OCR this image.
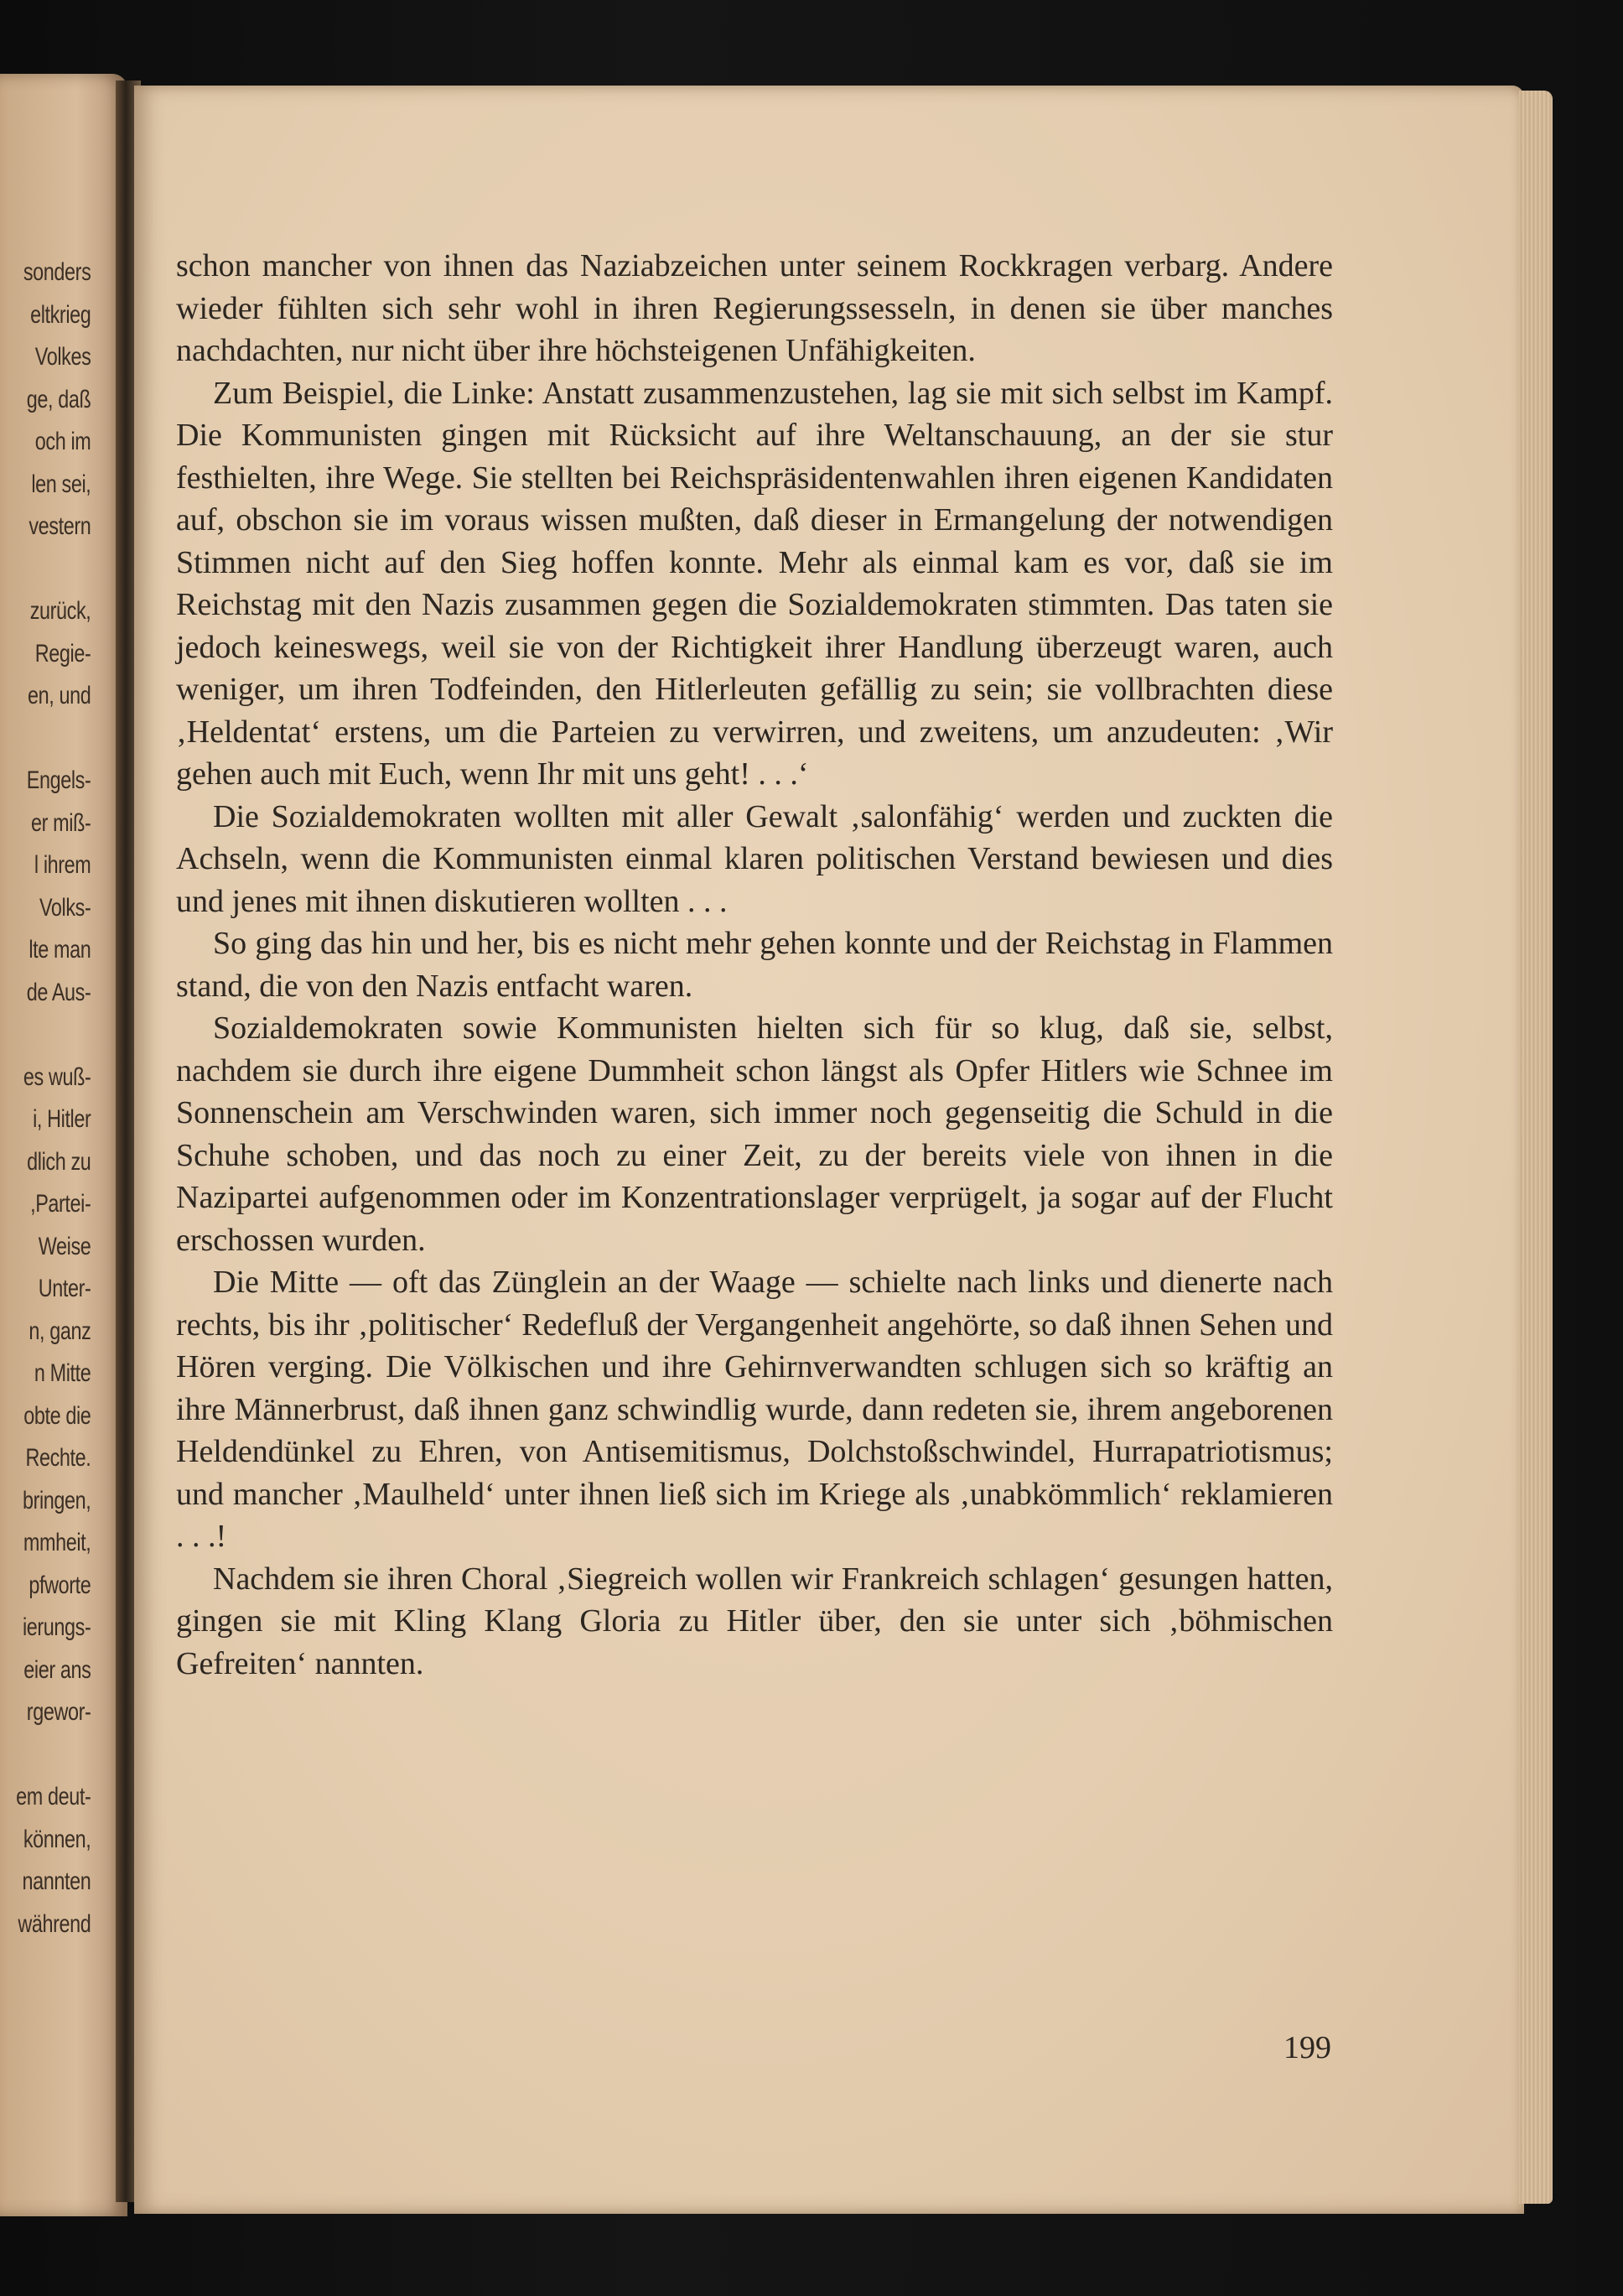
sonders
eltkrieg
Volkes
ge, daß
och im
len sei,
vestern
zurück,
Regie-
en, und
Engels-
er miß-
l ihrem
Volks-
lte man
de Aus-
es wuß-
i, Hitler
dlich zu
,Partei-
Weise
Unter-
n, ganz
n Mitte
obte die
Rechte.
bringen,
mmheit,
pfworte
ierungs-
eier ans
rgewor-
em deut-
können,
nannten
während

schon mancher von ihnen das Naziabzeichen unter seinem Rockkragen verbarg. Andere wieder fühlten sich sehr wohl in ihren Regierungssesseln, in denen sie über manches nachdachten, nur nicht über ihre höchsteigenen Unfähigkeiten.

Zum Beispiel, die Linke: Anstatt zusammenzustehen, lag sie mit sich selbst im Kampf. Die Kommunisten gingen mit Rücksicht auf ihre Weltanschauung, an der sie stur festhielten, ihre Wege. Sie stellten bei Reichspräsidentenwahlen ihren eigenen Kandidaten auf, obschon sie im voraus wissen mußten, daß dieser in Ermangelung der notwendigen Stimmen nicht auf den Sieg hoffen konnte. Mehr als einmal kam es vor, daß sie im Reichstag mit den Nazis zusammen gegen die Sozialdemokraten stimmten. Das taten sie jedoch keineswegs, weil sie von der Richtigkeit ihrer Handlung überzeugt waren, auch weniger, um ihren Todfeinden, den Hitlerleuten gefällig zu sein; sie vollbrachten diese ‚Heldentat‘ erstens, um die Parteien zu verwirren, und zweitens, um anzudeuten: ‚Wir gehen auch mit Euch, wenn Ihr mit uns geht! . . .‘

Die Sozialdemokraten wollten mit aller Gewalt ‚salonfähig‘ werden und zuckten die Achseln, wenn die Kommunisten einmal klaren politischen Verstand bewiesen und dies und jenes mit ihnen diskutieren wollten . . .

So ging das hin und her, bis es nicht mehr gehen konnte und der Reichstag in Flammen stand, die von den Nazis entfacht waren.

Sozialdemokraten sowie Kommunisten hielten sich für so klug, daß sie, selbst, nachdem sie durch ihre eigene Dummheit schon längst als Opfer Hitlers wie Schnee im Sonnenschein am Verschwinden waren, sich immer noch gegenseitig die Schuld in die Schuhe schoben, und das noch zu einer Zeit, zu der bereits viele von ihnen in die Nazipartei aufgenommen oder im Konzentrationslager verprügelt, ja sogar auf der Flucht erschossen wurden.

Die Mitte — oft das Zünglein an der Waage — schielte nach links und dienerte nach rechts, bis ihr ‚politischer‘ Redefluß der Vergangenheit angehörte, so daß ihnen Sehen und Hören verging. Die Völkischen und ihre Gehirnverwandten schlugen sich so kräftig an ihre Männerbrust, daß ihnen ganz schwindlig wurde, dann redeten sie, ihrem angeborenen Heldendünkel zu Ehren, von Antisemitismus, Dolchstoßschwindel, Hurrapatriotismus; und mancher ‚Maulheld‘ unter ihnen ließ sich im Kriege als ‚unabkömmlich‘ reklamieren . . .!

Nachdem sie ihren Choral ‚Siegreich wollen wir Frankreich schlagen‘ gesungen hatten, gingen sie mit Kling Klang Gloria zu Hitler über, den sie unter sich ‚böhmischen Gefreiten‘ nannten.

199
